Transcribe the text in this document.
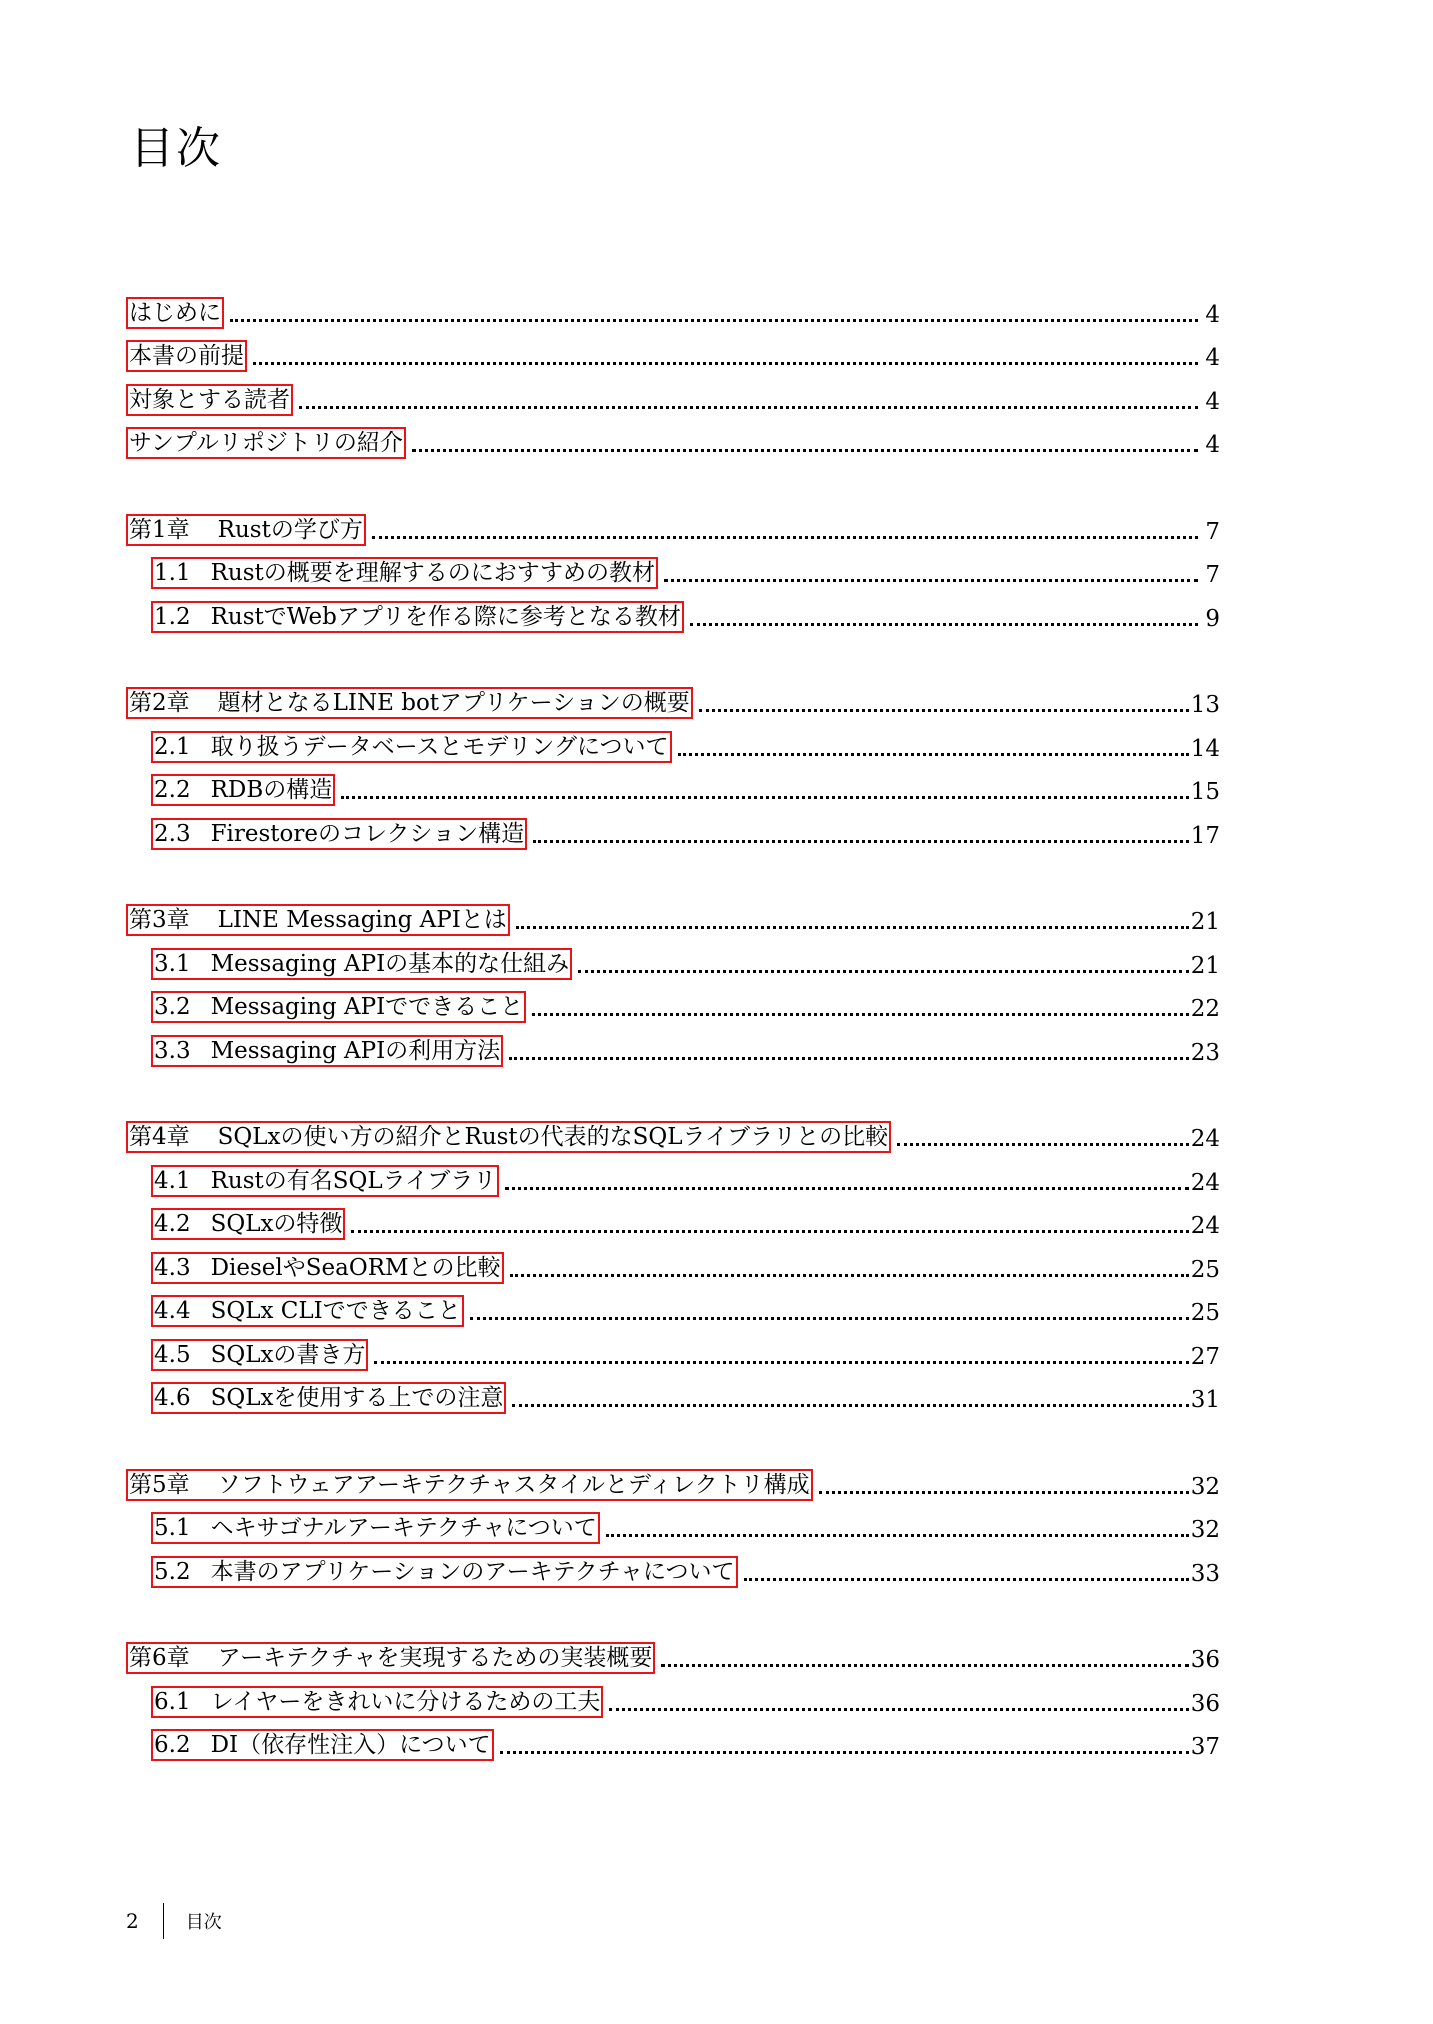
目次
はじめに	4
本書の前提	4
対象とする読者	4
サンプルリポジトリの紹介	4
第1章 Rustの学び方	7
1.1 Rustの概要を理解するのにおすすめの教材	7
1.2 RustでWebアプリを作る際に参考となる教材	9
第2章 題材となるLINE botアプリケーションの概要	13
2.1 取り扱うデータベースとモデリングについて	14
2.2 RDBの構造	15
2.3 Firestoreのコレクション構造	17
第3章 LINE Messaging APIとは	21
3.1 Messaging APIの基本的な仕組み	21
3.2 Messaging APIでできること	22
3.3 Messaging APIの利用方法	23
第4章 SQLxの使い方の紹介とRustの代表的なSQLライブラリとの比較	24
4.1 Rustの有名SQLライブラリ	24
4.2 SQLxの特徴	24
4.3 DieselやSeaORMとの比較	25
4.4 SQLx CLIでできること	25
4.5 SQLxの書き方	27
4.6 SQLxを使用する上での注意	31
第5章 ソフトウェアアーキテクチャスタイルとディレクトリ構成	32
5.1 ヘキサゴナルアーキテクチャについて	32
5.2 本書のアプリケーションのアーキテクチャについて	33
第6章 アーキテクチャを実現するための実装概要	36
6.1 レイヤーをきれいに分けるための工夫	36
6.2 DI（依存性注入）について	37
2	目次
